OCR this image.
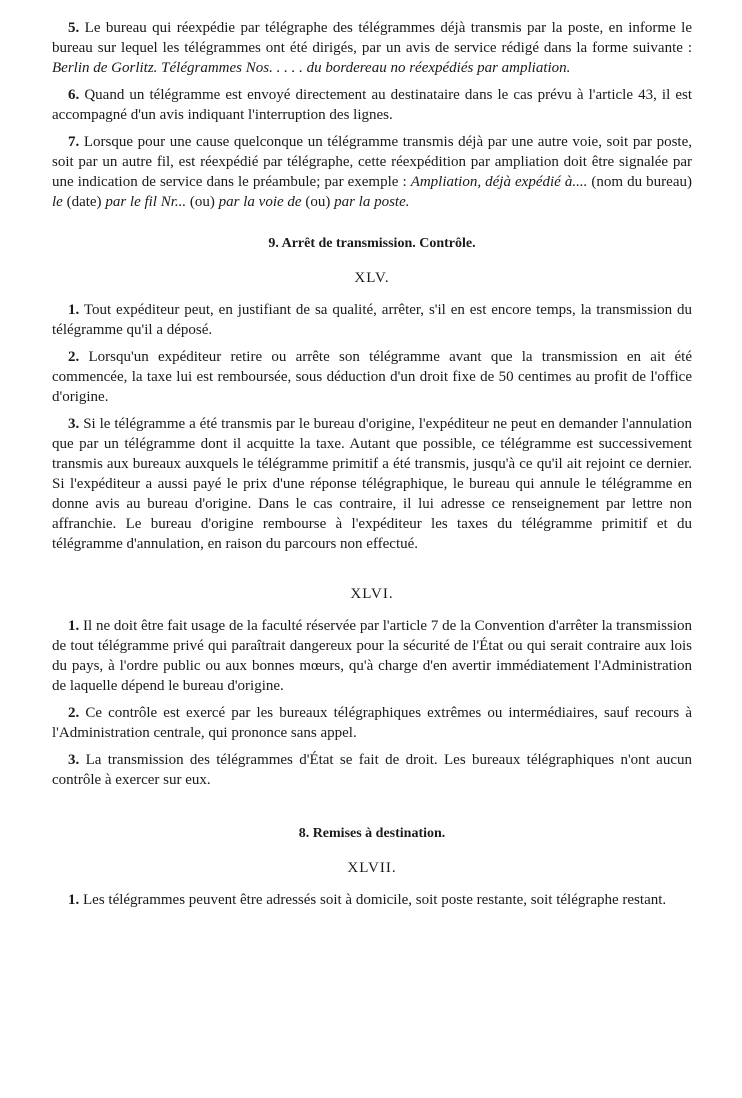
5. Le bureau qui réexpédie par télégraphe des télégrammes déjà transmis par la poste, en informe le bureau sur lequel les télégrammes ont été dirigés, par un avis de service rédigé dans la forme suivante : Berlin de Gorlitz. Télégrammes Nos. . . . . du bordereau no réexpédiés par ampliation.

6. Quand un télégramme est envoyé directement au destinataire dans le cas prévu à l'article 43, il est accompagné d'un avis indiquant l'interruption des lignes.

7. Lorsque pour une cause quelconque un télégramme transmis déjà par une autre voie, soit par poste, soit par un autre fil, est réexpédié par télégraphe, cette réexpédition par ampliation doit être signalée par une indication de service dans le préambule; par exemple : Ampliation, déjà expédié à.... (nom du bureau) le (date) par le fil Nr... (ou) par la voie de (ou) par la poste.

9. Arrêt de transmission. Contrôle.
XLV.

1. Tout expéditeur peut, en justifiant de sa qualité, arrêter, s'il en est encore temps, la transmission du télégramme qu'il a déposé.

2. Lorsqu'un expéditeur retire ou arrête son télégramme avant que la transmission en ait été commencée, la taxe lui est remboursée, sous déduction d'un droit fixe de 50 centimes au profit de l'office d'origine.

3. Si le télégramme a été transmis par le bureau d'origine, l'expéditeur ne peut en demander l'annulation que par un télégramme dont il acquitte la taxe. Autant que possible, ce télégramme est successivement transmis aux bureaux auxquels le télégramme primitif a été transmis, jusqu'à ce qu'il ait rejoint ce dernier. Si l'expéditeur a aussi payé le prix d'une réponse télégraphique, le bureau qui annule le télégramme en donne avis au bureau d'origine. Dans le cas contraire, il lui adresse ce renseignement par lettre non affranchie. Le bureau d'origine rembourse à l'expéditeur les taxes du télégramme primitif et du télégramme d'annulation, en raison du parcours non effectué.

XLVI.

1. Il ne doit être fait usage de la faculté réservée par l'article 7 de la Convention d'arrêter la transmission de tout télégramme privé qui paraîtrait dangereux pour la sécurité de l'État ou qui serait contraire aux lois du pays, à l'ordre public ou aux bonnes mœurs, qu'à charge d'en avertir immédiatement l'Administration de laquelle dépend le bureau d'origine.

2. Ce contrôle est exercé par les bureaux télégraphiques extrêmes ou intermédiaires, sauf recours à l'Administration centrale, qui prononce sans appel.

3. La transmission des télégrammes d'État se fait de droit. Les bureaux télégraphiques n'ont aucun contrôle à exercer sur eux.

8. Remises à destination.
XLVII.

1. Les télégrammes peuvent être adressés soit à domicile, soit poste restante, soit télégraphe restant.
